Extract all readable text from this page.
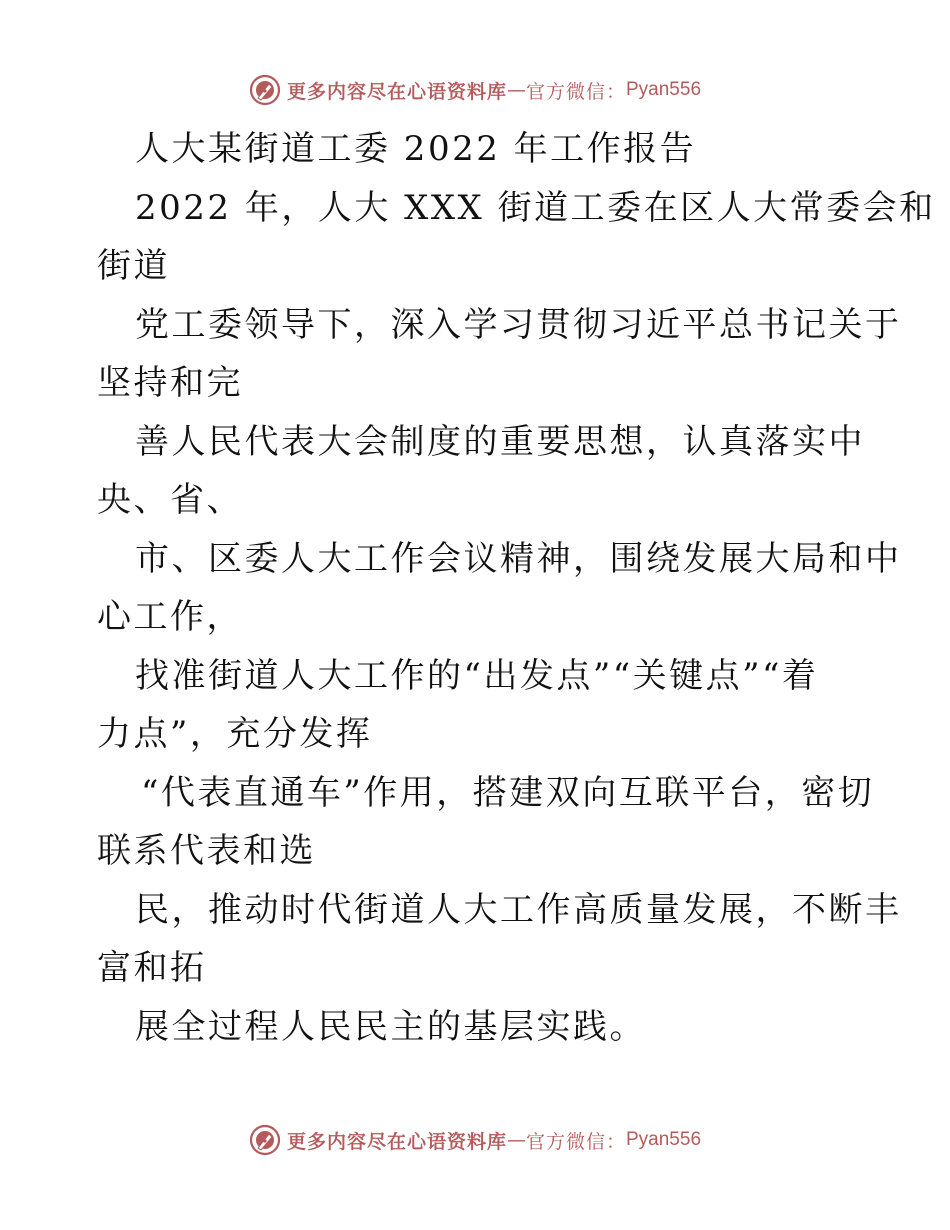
更多内容尽在心语资料库 — 官方微信： Pyan556
人大某街道工委 2022 年工作报告
2022 年，人大 XXX 街道工委在区人大常委会和
街道
党工委领导下，深入学习贯彻习近平总书记关于
坚持和完
善人民代表大会制度的重要思想，认真落实中
央、省、
市、区委人大工作会议精神，围绕发展大局和中
心工作，
找准街道人大工作的“出发点”“关键点”“着
力点”，充分发挥
“代表直通车”作用，搭建双向互联平台，密切
联系代表和选
民，推动时代街道人大工作高质量发展，不断丰
富和拓
展全过程人民民主的基层实践。
更多内容尽在心语资料库 — 官方微信： Pyan556
